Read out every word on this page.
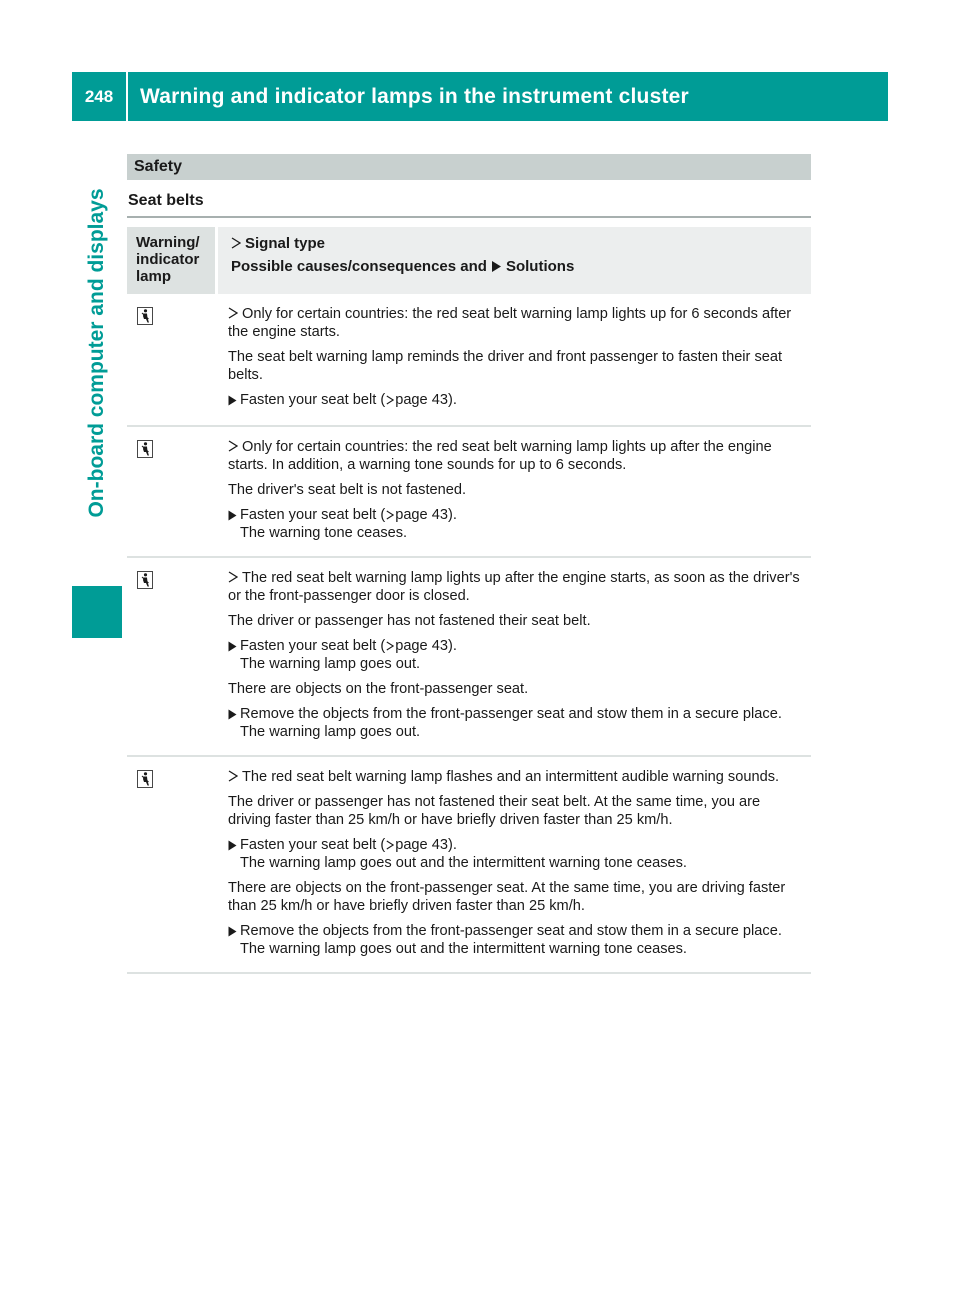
248	Warning and indicator lamps in the instrument cluster
On-board computer and displays
Safety
Seat belts
Warning/ indicator lamp
Signal type
Possible causes/consequences and Solutions
Only for certain countries: the red seat belt warning lamp lights up for 6 seconds after the engine starts.
The seat belt warning lamp reminds the driver and front passenger to fasten their seat belts.
Fasten your seat belt ( page 43).
Only for certain countries: the red seat belt warning lamp lights up after the engine starts. In addition, a warning tone sounds for up to 6 seconds.
The driver's seat belt is not fastened.
Fasten your seat belt ( page 43).
The warning tone ceases.
The red seat belt warning lamp lights up after the engine starts, as soon as the driver's or the front-passenger door is closed.
The driver or passenger has not fastened their seat belt.
Fasten your seat belt ( page 43).
The warning lamp goes out.
There are objects on the front-passenger seat.
Remove the objects from the front-passenger seat and stow them in a secure place.
The warning lamp goes out.
The red seat belt warning lamp flashes and an intermittent audible warning sounds.
The driver or passenger has not fastened their seat belt. At the same time, you are driving faster than 25 km/h or have briefly driven faster than 25 km/h.
Fasten your seat belt ( page 43).
The warning lamp goes out and the intermittent warning tone ceases.
There are objects on the front-passenger seat. At the same time, you are driving faster than 25 km/h or have briefly driven faster than 25 km/h.
Remove the objects from the front-passenger seat and stow them in a secure place.
The warning lamp goes out and the intermittent warning tone ceases.
